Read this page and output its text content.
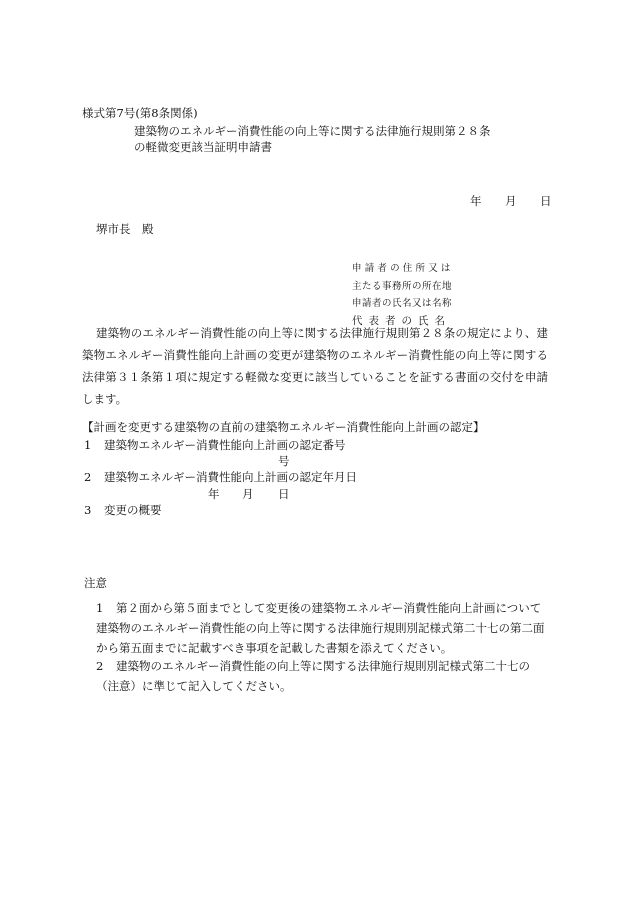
様式第7号(第8条関係)
建築物のエネルギー消費性能の向上等に関する法律施行規則第２８条
の軽微変更該当証明申請書
年 月 日
堺市長　殿
申請者の住所又は
主たる事務所の所在地
申請者の氏名又は名称
代表者の氏名
建築物のエネルギー消費性能の向上等に関する法律施行規則第２８条の規定により、建築物エネルギー消費性能向上計画の変更が建築物のエネルギー消費性能の向上等に関する法律第３１条第１項に規定する軽微な変更に該当していることを証する書面の交付を申請します。
【計画を変更する建築物の直前の建築物エネルギー消費性能向上計画の認定】
1 建築物エネルギー消費性能向上計画の認定番号
号
2 建築物エネルギー消費性能向上計画の認定年月日
年 月 日
3 変更の概要
注意
1 第２面から第５面までとして変更後の建築物エネルギー消費性能向上計画について建築物のエネルギー消費性能の向上等に関する法律施行規則別記様式第二十七の第二面から第五面までに記載すべき事項を記載した書類を添えてください。
2 建築物のエネルギー消費性能の向上等に関する法律施行規則別記様式第二十七の（注意）に準じて記入してください。
